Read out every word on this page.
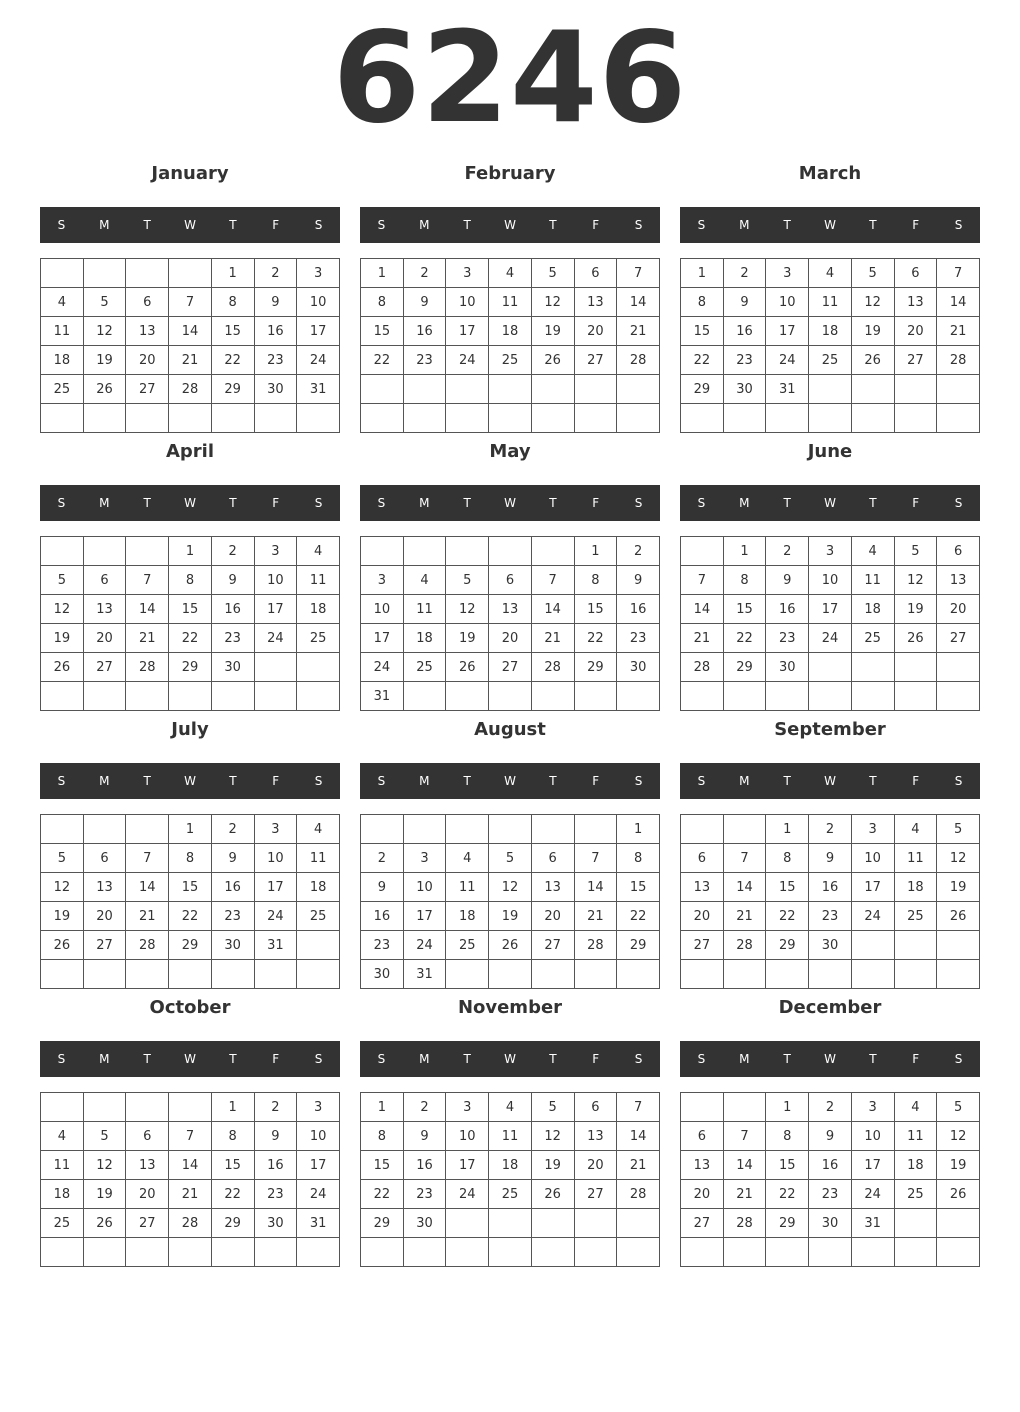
6246
January
S	M	T	W	T	F	S
				1	2	3
4	5	6	7	8	9	10
11	12	13	14	15	16	17
18	19	20	21	22	23	24
25	26	27	28	29	30	31

February
S	M	T	W	T	F	S
1	2	3	4	5	6	7
8	9	10	11	12	13	14
15	16	17	18	19	20	21
22	23	24	25	26	27	28

March
S	M	T	W	T	F	S
1	2	3	4	5	6	7
8	9	10	11	12	13	14
15	16	17	18	19	20	21
22	23	24	25	26	27	28
29	30	31				

April
S	M	T	W	T	F	S
			1	2	3	4
5	6	7	8	9	10	11
12	13	14	15	16	17	18
19	20	21	22	23	24	25
26	27	28	29	30		

May
S	M	T	W	T	F	S
					1	2
3	4	5	6	7	8	9
10	11	12	13	14	15	16
17	18	19	20	21	22	23
24	25	26	27	28	29	30
31						
June
S	M	T	W	T	F	S
	1	2	3	4	5	6
7	8	9	10	11	12	13
14	15	16	17	18	19	20
21	22	23	24	25	26	27
28	29	30				

July
S	M	T	W	T	F	S
			1	2	3	4
5	6	7	8	9	10	11
12	13	14	15	16	17	18
19	20	21	22	23	24	25
26	27	28	29	30	31	

August
S	M	T	W	T	F	S
						1
2	3	4	5	6	7	8
9	10	11	12	13	14	15
16	17	18	19	20	21	22
23	24	25	26	27	28	29
30	31					
September
S	M	T	W	T	F	S
		1	2	3	4	5
6	7	8	9	10	11	12
13	14	15	16	17	18	19
20	21	22	23	24	25	26
27	28	29	30			

October
S	M	T	W	T	F	S
				1	2	3
4	5	6	7	8	9	10
11	12	13	14	15	16	17
18	19	20	21	22	23	24
25	26	27	28	29	30	31

November
S	M	T	W	T	F	S
1	2	3	4	5	6	7
8	9	10	11	12	13	14
15	16	17	18	19	20	21
22	23	24	25	26	27	28
29	30					

December
S	M	T	W	T	F	S
		1	2	3	4	5
6	7	8	9	10	11	12
13	14	15	16	17	18	19
20	21	22	23	24	25	26
27	28	29	30	31		
